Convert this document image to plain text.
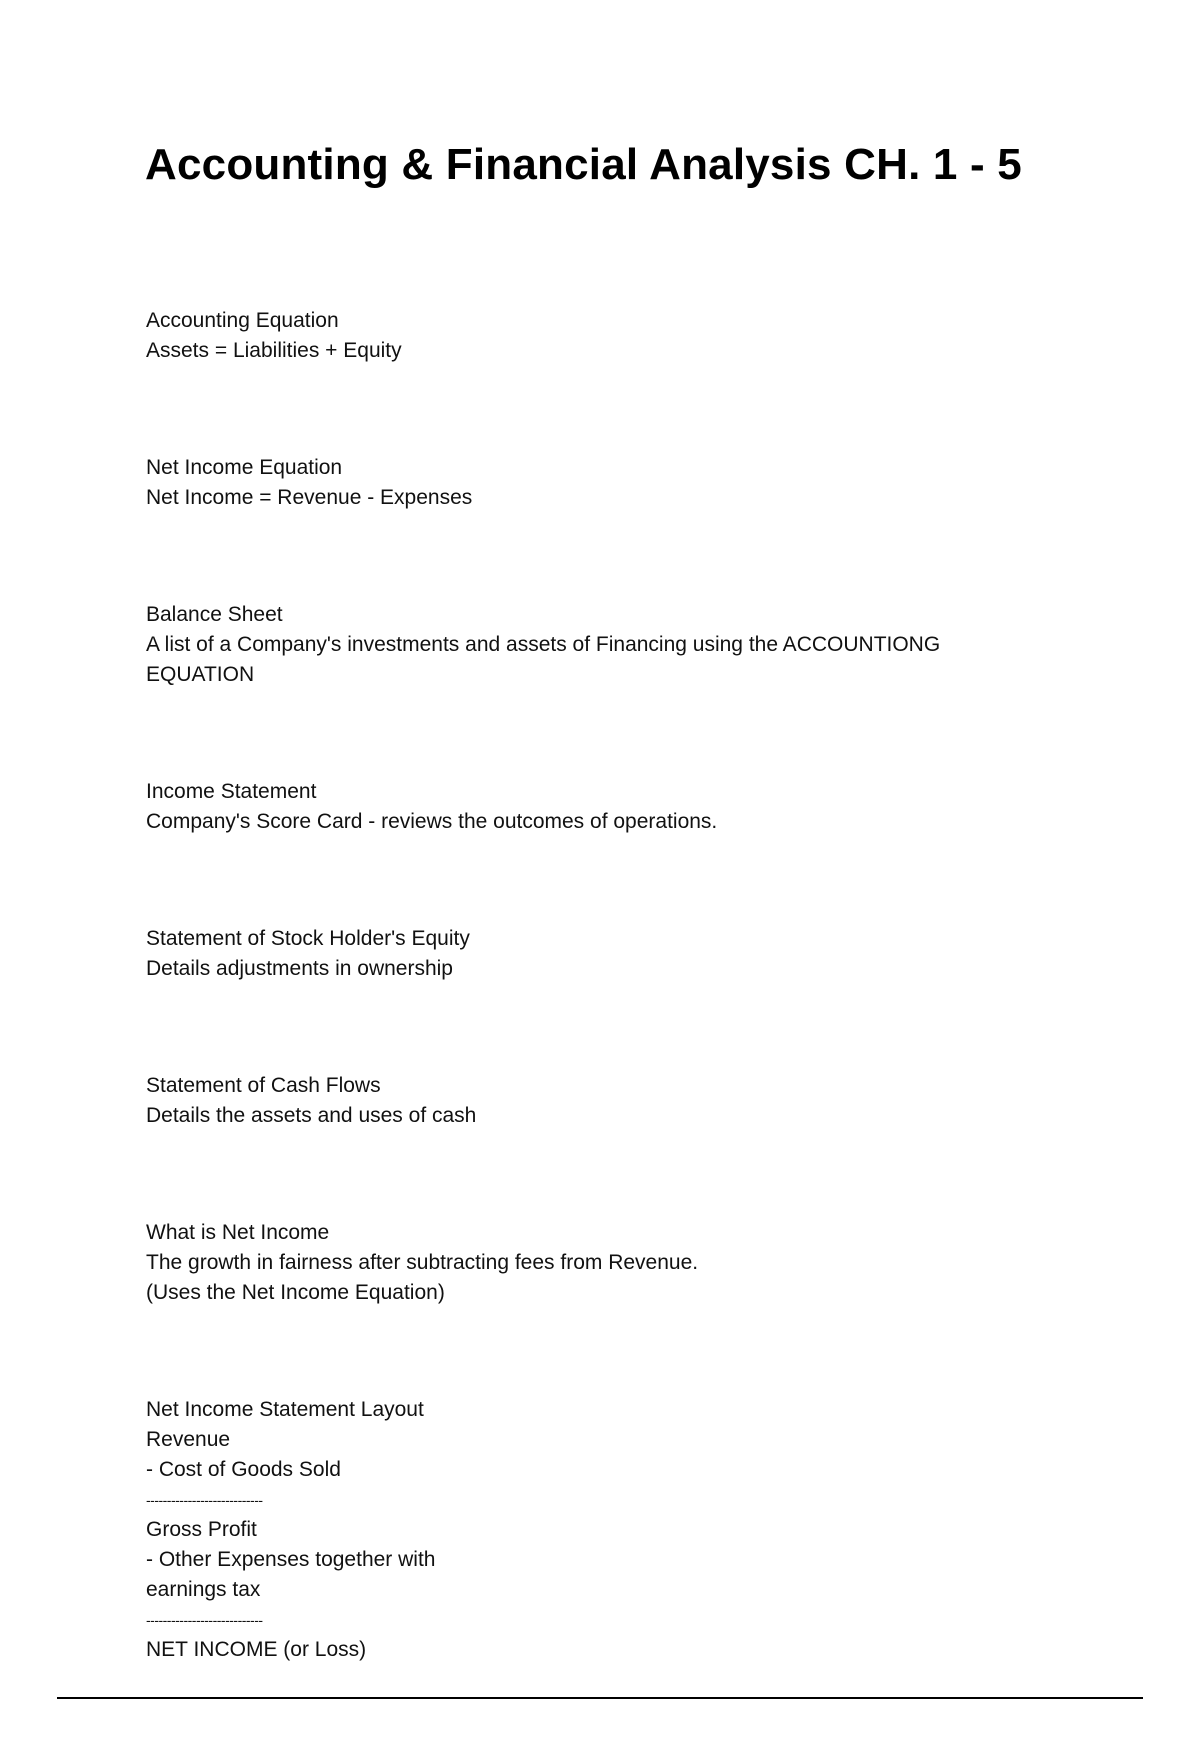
Accounting & Financial Analysis CH. 1 - 5
Accounting Equation
Assets = Liabilities + Equity
Net Income Equation
Net Income = Revenue - Expenses
Balance Sheet
A list of a Company's investments and assets of Financing using the ACCOUNTIONG
EQUATION
Income Statement
Company's Score Card - reviews the outcomes of operations.
Statement of Stock Holder's Equity
Details adjustments in ownership
Statement of Cash Flows
Details the assets and uses of cash
What is Net Income
The growth in fairness after subtracting fees from Revenue.
(Uses the Net Income Equation)
Net Income Statement Layout
Revenue
- Cost of Goods Sold
----------------------------
Gross Profit
- Other Expenses together with
earnings tax
----------------------------
NET INCOME (or Loss)
